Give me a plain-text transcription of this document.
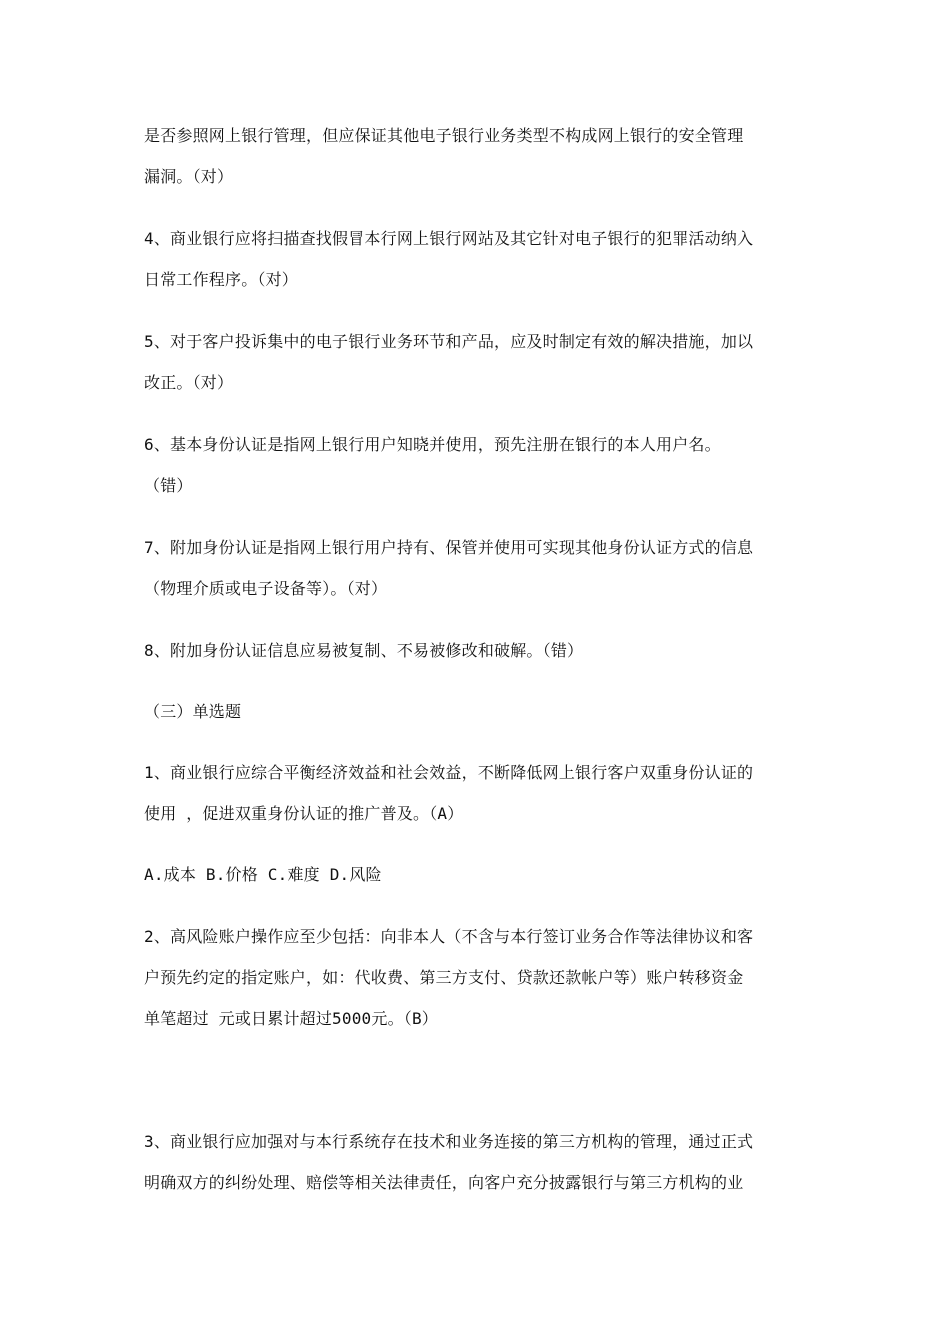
是否参照网上银行管理，但应保证其他电子银行业务类型不构成网上银行的安全管理
漏洞。（对）
4、商业银行应将扫描查找假冒本行网上银行网站及其它针对电子银行的犯罪活动纳入
日常工作程序。（对）
5、对于客户投诉集中的电子银行业务环节和产品，应及时制定有效的解决措施，加以
改正。（对）
6、基本身份认证是指网上银行用户知晓并使用，预先注册在银行的本人用户名。
（错）
7、附加身份认证是指网上银行用户持有、保管并使用可实现其他身份认证方式的信息
（物理介质或电子设备等）。（对）
8、附加身份认证信息应易被复制、不易被修改和破解。（错）
（三）单选题
1、商业银行应综合平衡经济效益和社会效益，不断降低网上银行客户双重身份认证的
使用 ，促进双重身份认证的推广普及。（A）
A.成本 B.价格 C.难度 D.风险
2、高风险账户操作应至少包括：向非本人（不含与本行签订业务合作等法律协议和客
户预先约定的指定账户，如：代收费、第三方支付、贷款还款帐户等）账户转移资金
单笔超过 元或日累计超过5000元。（B）
3、商业银行应加强对与本行系统存在技术和业务连接的第三方机构的管理，通过正式
明确双方的纠纷处理、赔偿等相关法律责任，向客户充分披露银行与第三方机构的业
